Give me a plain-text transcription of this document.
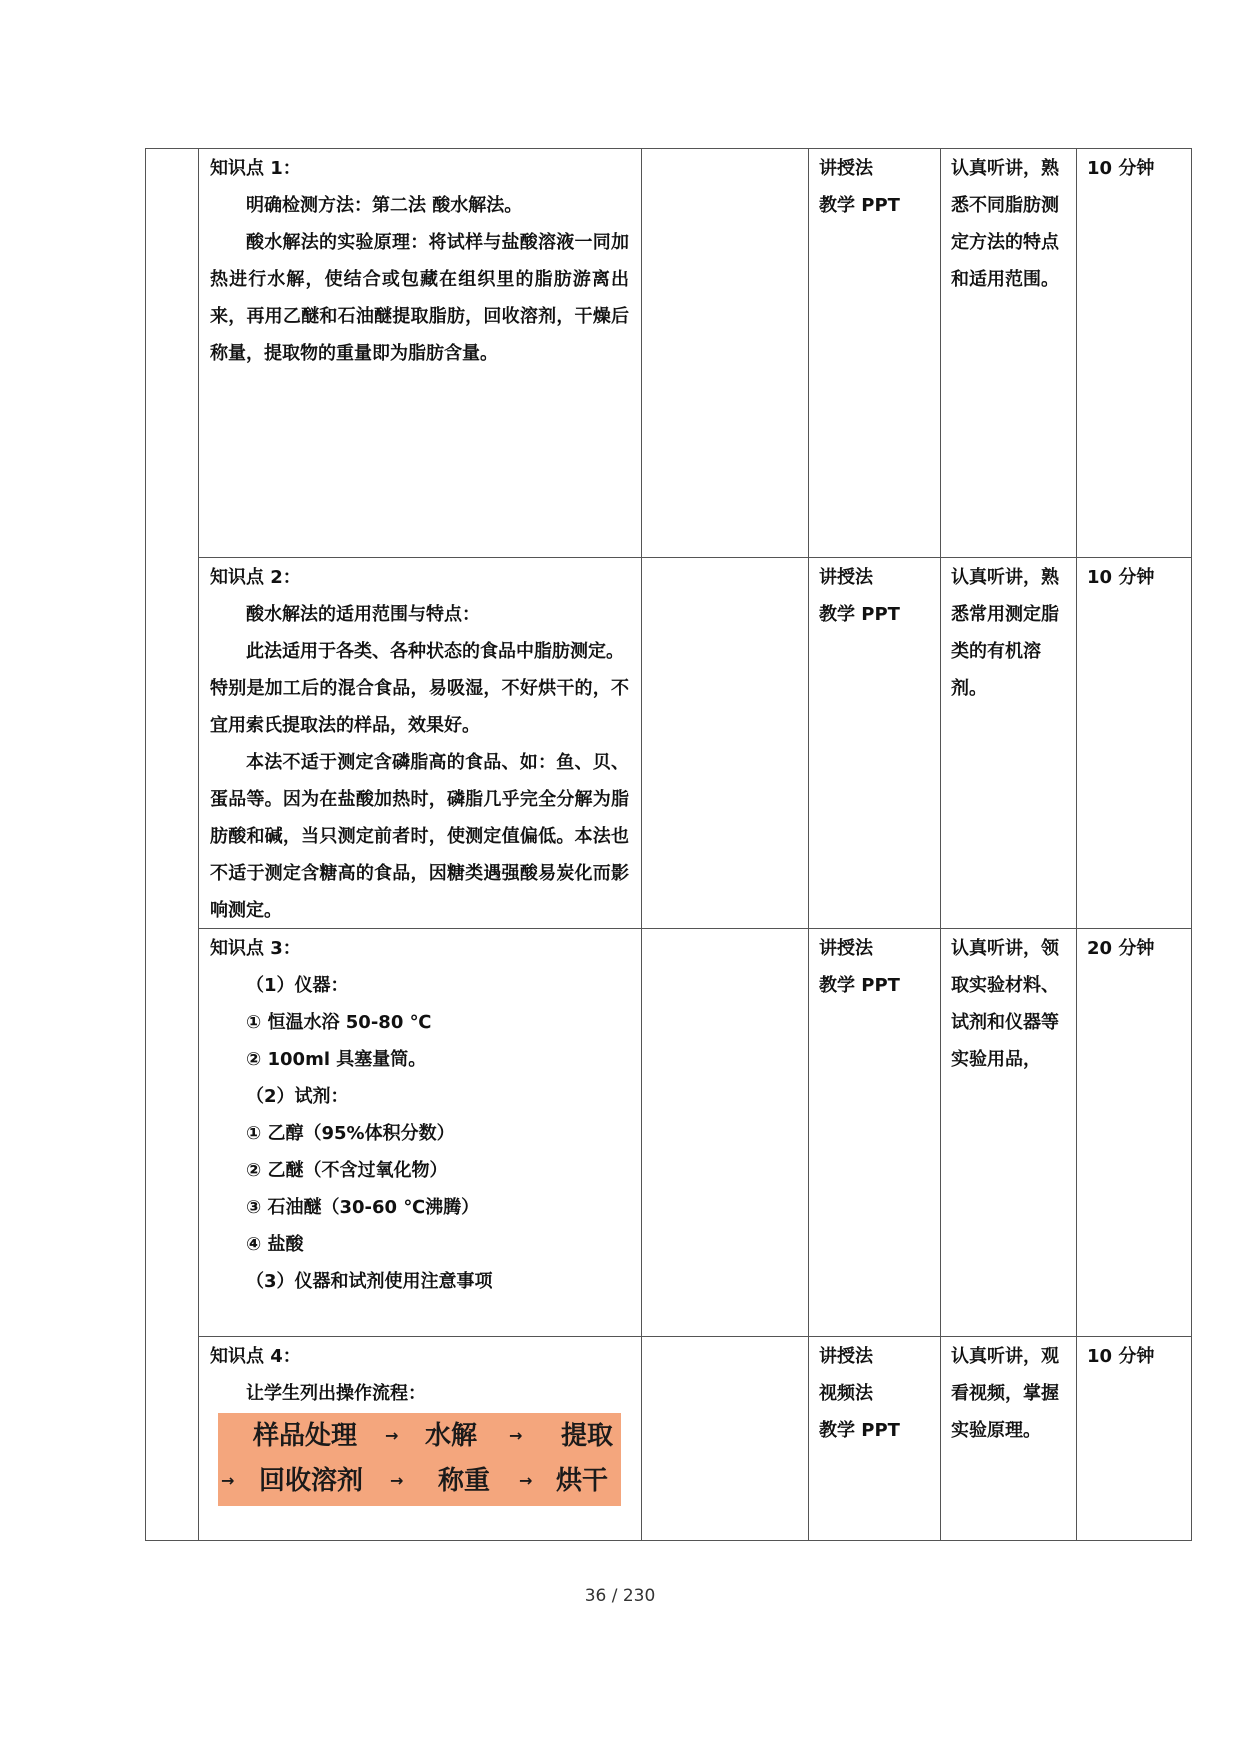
知识点 1：
明确检测方法：第二法 酸水解法。
酸水解法的实验原理：将试样与盐酸溶液一同加
热进行水解，使结合或包藏在组织里的脂肪游离出
来，再用乙醚和石油醚提取脂肪，回收溶剂，干燥后
称量，提取物的重量即为脂肪含量。
讲授法
教学 PPT
认真听讲，熟
悉不同脂肪测
定方法的特点
和适用范围。
10 分钟
知识点 2：
酸水解法的适用范围与特点：
此法适用于各类、各种状态的食品中脂肪测定。
特别是加工后的混合食品，易吸湿，不好烘干的，不
宜用索氏提取法的样品，效果好。
本法不适于测定含磷脂高的食品、如：鱼、贝、
蛋品等。因为在盐酸加热时，磷脂几乎完全分解为脂
肪酸和碱，当只测定前者时，使测定值偏低。本法也
不适于测定含糖高的食品，因糖类遇强酸易炭化而影
响测定。
讲授法
教学 PPT
认真听讲，熟
悉常用测定脂
类的有机溶
剂。
10 分钟
知识点 3：
（1）仪器：
① 恒温水浴 50-80 ℃
② 100ml 具塞量筒。
（2）试剂：
① 乙醇（95%体积分数）
② 乙醚（不含过氧化物）
③ 石油醚（30-60 ℃沸腾）
④ 盐酸
（3）仪器和试剂使用注意事项
讲授法
教学 PPT
认真听讲，领
取实验材料、
试剂和仪器等
实验用品，
20 分钟
知识点 4：
让学生列出操作流程：
样品处理 → 水解 → 提取
→ 回收溶剂 → 称重 → 烘干
讲授法
视频法
教学 PPT
认真听讲，观
看视频，掌握
实验原理。
10 分钟
36 / 230
